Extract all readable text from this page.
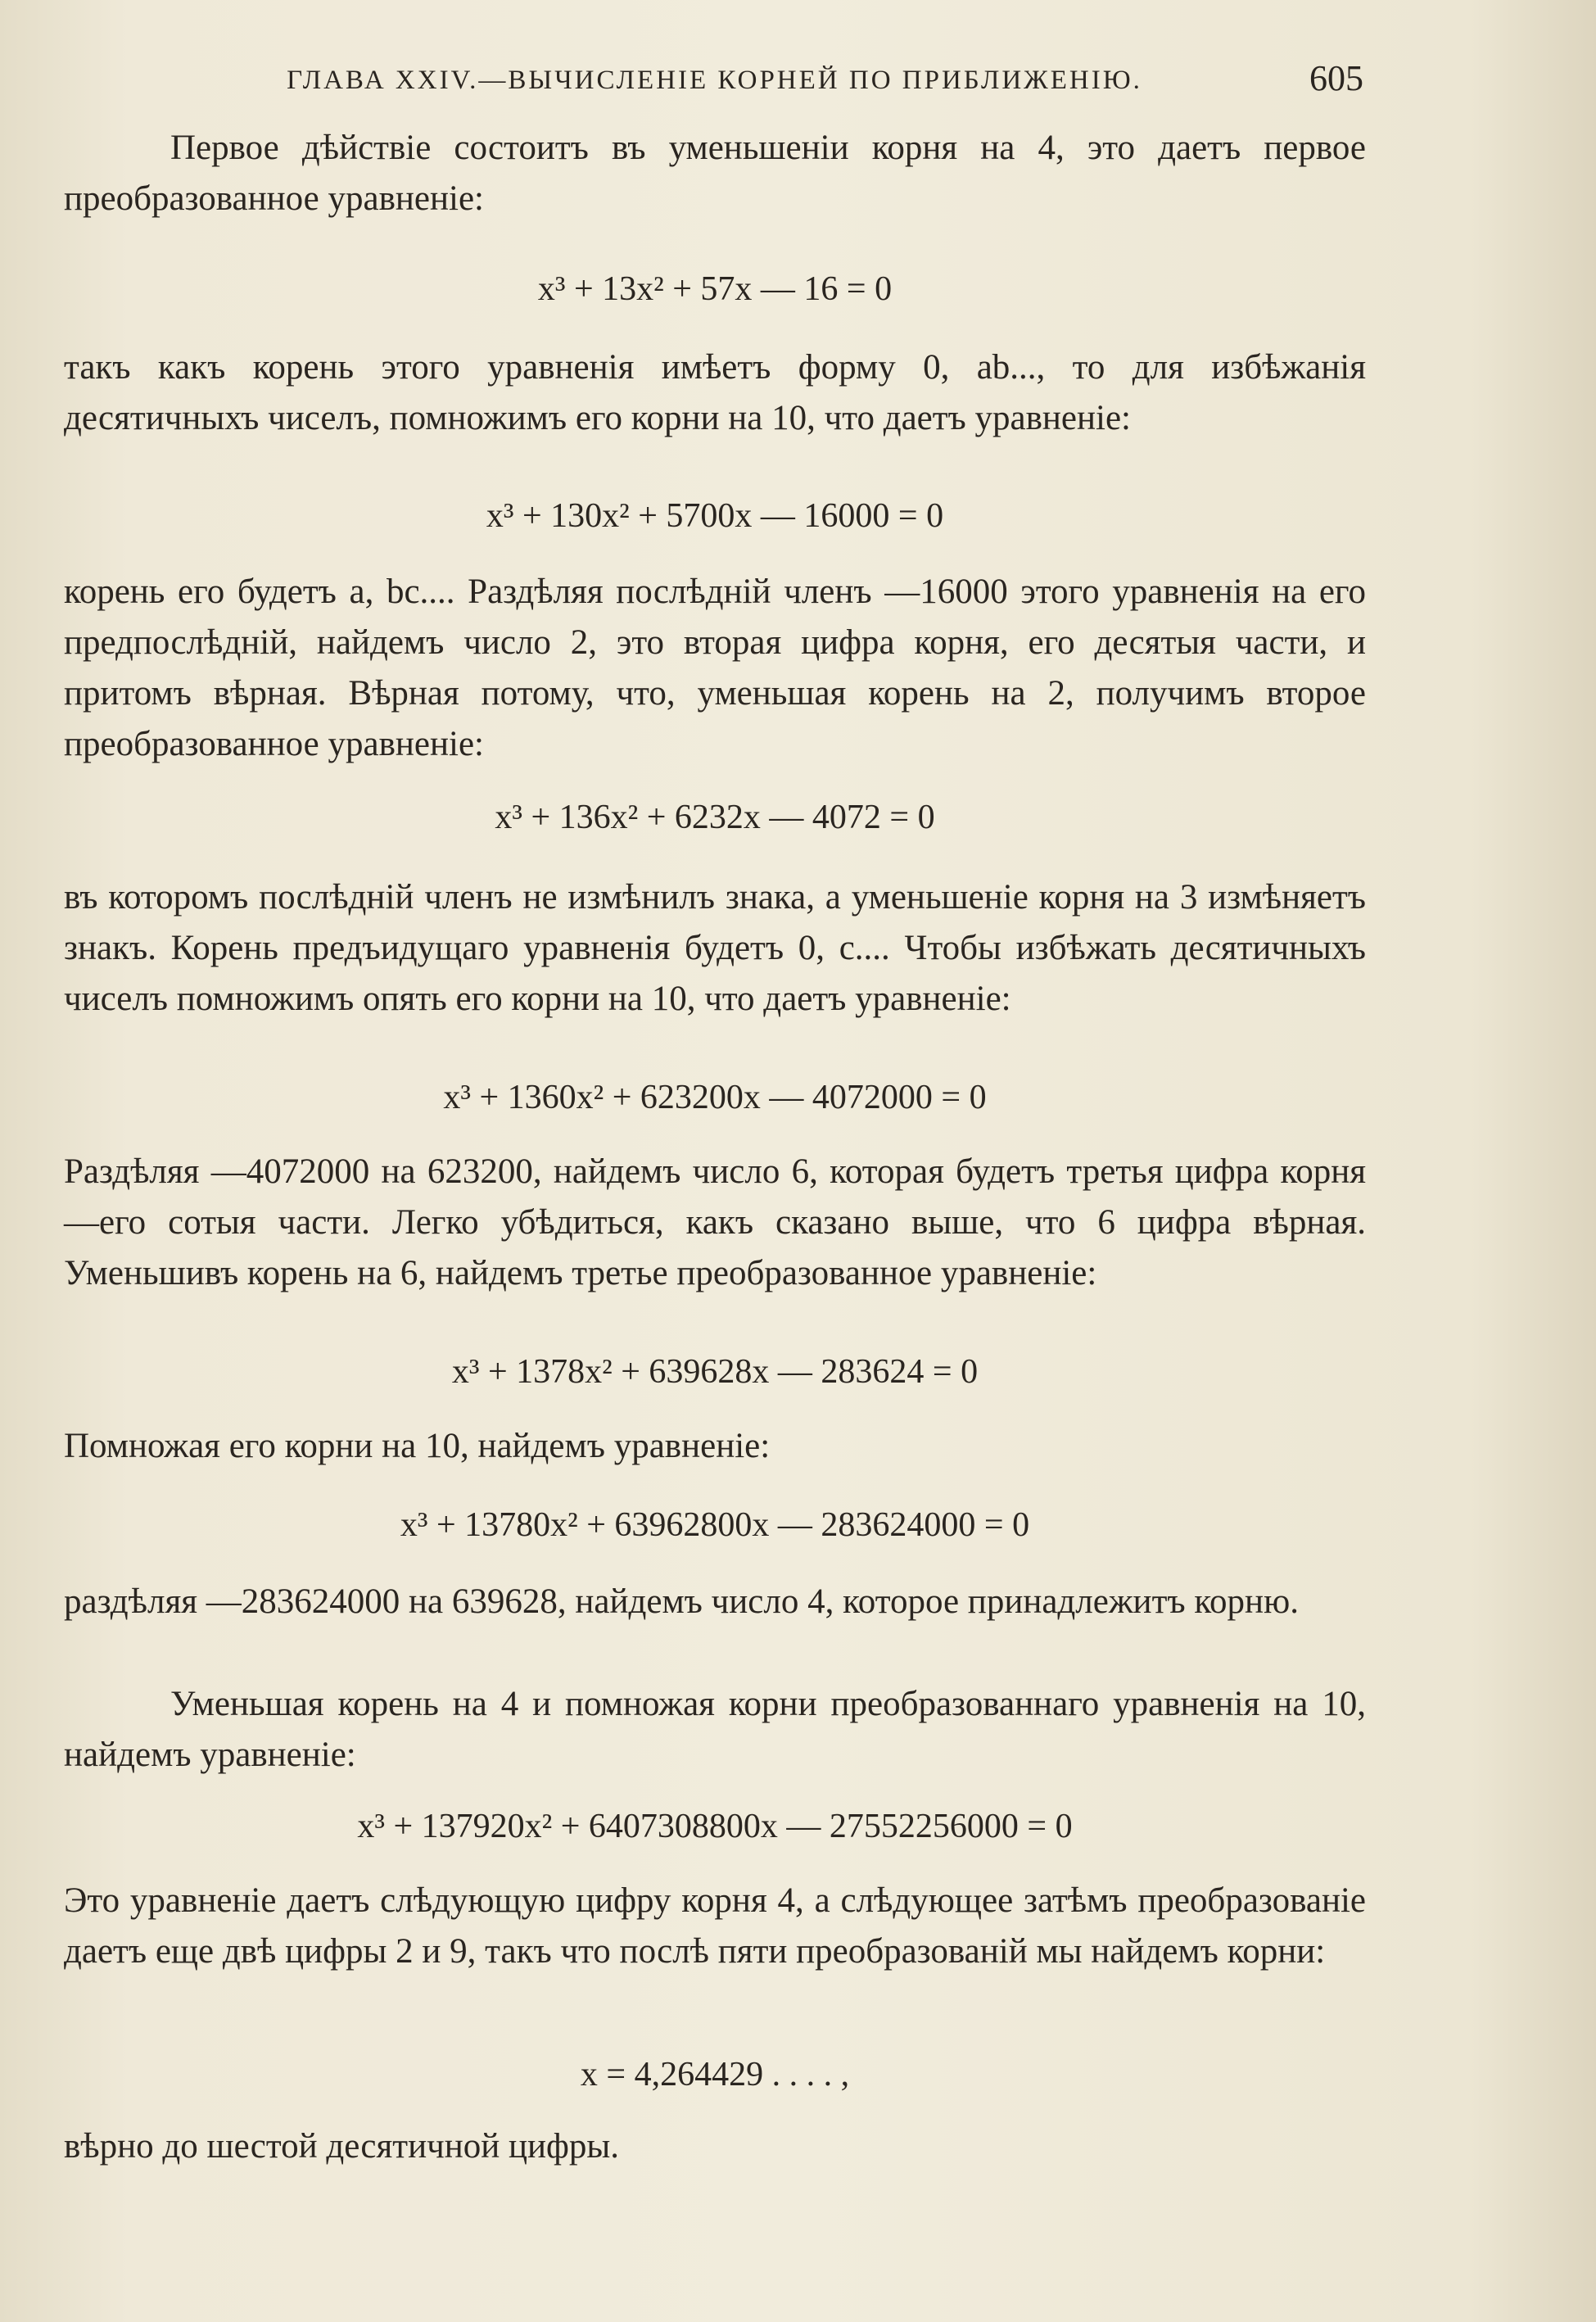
ГЛАВА XXIV.—ВЫЧИСЛЕНІЕ КОРНЕЙ ПО ПРИБЛИЖЕНІЮ.	605

Первое дѣйствіе состоитъ въ уменьшеніи корня на 4, это даетъ первое преобразованное уравненіе:

x³ + 13x² + 57x — 16 = 0

такъ какъ корень этого уравненія имѣетъ форму 0, ab..., то для избѣжанія десятичныхъ чиселъ, помножимъ его корни на 10, что даетъ уравненіе:

x³ + 130x² + 5700x — 16000 = 0

корень его будетъ a, bc.... Раздѣляя послѣдній членъ —16000 этого уравненія на его предпослѣдній, найдемъ число 2, это вторая цифра корня, его десятыя части, и притомъ вѣрная. Вѣрная потому, что, уменьшая корень на 2, получимъ второе преобразованное уравненіе:

x³ + 136x² + 6232x — 4072 = 0

въ которомъ послѣдній членъ не измѣнилъ знака, а уменьшеніе корня на 3 измѣняетъ знакъ. Корень предъидущаго уравненія будетъ 0, c.... Чтобы избѣжать десятичныхъ чиселъ помножимъ опять его корни на 10, что даетъ уравненіе:

x³ + 1360x² + 623200x — 4072000 = 0

Раздѣляя —4072000 на 623200, найдемъ число 6, которая будетъ третья цифра корня—его сотыя части. Легко убѣдиться, какъ сказано выше, что 6 цифра вѣрная. Уменьшивъ корень на 6, найдемъ третье преобразованное уравненіе:

x³ + 1378x² + 639628x — 283624 = 0

Помножая его корни на 10, найдемъ уравненіе:

x³ + 13780x² + 63962800x — 283624000 = 0

раздѣляя —283624000 на 639628, найдемъ число 4, которое принадлежитъ корню.

Уменьшая корень на 4 и помножая корни преобразованнаго уравненія на 10, найдемъ уравненіе:

x³ + 137920x² + 6407308800x — 27552256000 = 0

Это уравненіе даетъ слѣдующую цифру корня 4, а слѣдующее затѣмъ преобразованіе даетъ еще двѣ цифры 2 и 9, такъ что послѣ пяти преобразованій мы найдемъ корни:

x = 4,264429 . . . . ,

вѣрно до шестой десятичной цифры.
